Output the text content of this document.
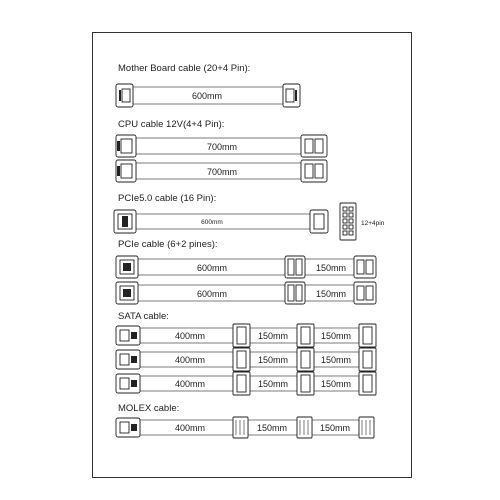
Mother Board cable (20+4 Pin):
600mm
CPU cable 12V(4+4 Pin):
700mm
700mm
PCIe5.0 cable (16 Pin):
600mm	12+4pin
PCIe cable (6+2 pines):
600mm	150mm
600mm	150mm
SATA cable:
400mm	150mm	150mm
400mm	150mm	150mm
400mm	150mm	150mm
MOLEX cable:
400mm	150mm	150mm
